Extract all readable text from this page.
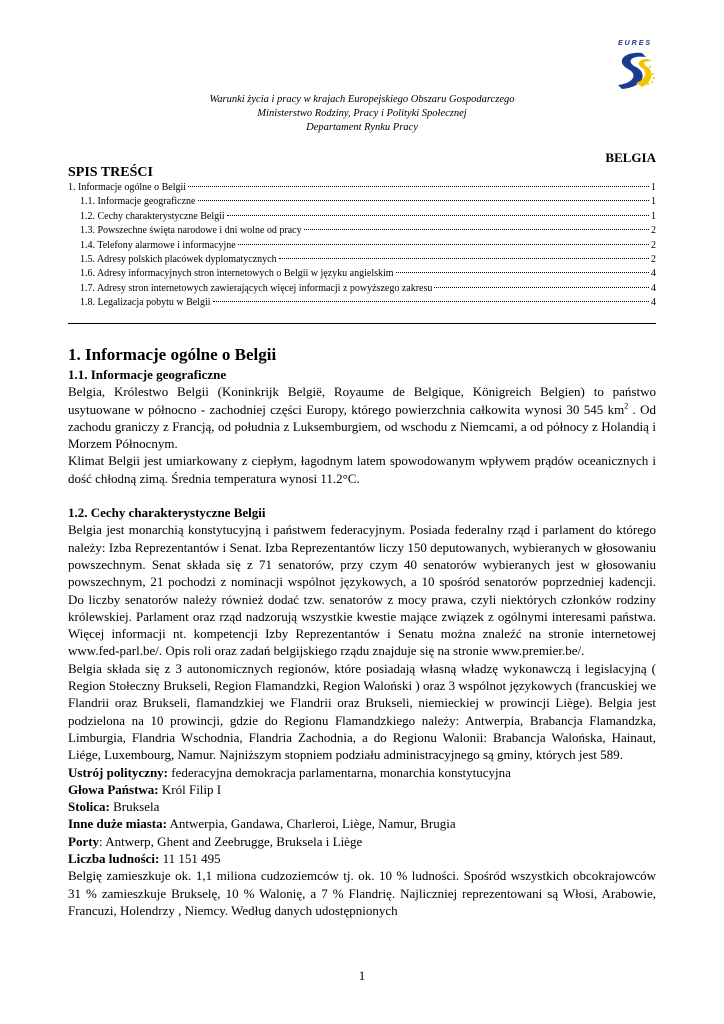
EURES
Warunki życia i pracy w krajach Europejskiego Obszaru Gospodarczego
Ministerstwo Rodziny, Pracy i Polityki Społecznej
Departament Rynku Pracy
BELGIA
SPIS TREŚCI
1. Informacje ogólne o Belgii	1
1.1. Informacje geograficzne	1
1.2. Cechy charakterystyczne Belgii	1
1.3. Powszechne święta narodowe i dni wolne od pracy	2
1.4. Telefony alarmowe i informacyjne	2
1.5. Adresy polskich placówek dyplomatycznych	2
1.6. Adresy informacyjnych stron internetowych o Belgii w języku angielskim	4
1.7. Adresy stron internetowych zawierających więcej informacji z powyższego zakresu	4
1.8. Legalizacja pobytu w Belgii	4
1. Informacje ogólne o Belgii
1.1. Informacje geograficzne

Belgia, Królestwo Belgii (Koninkrijk België, Royaume de Belgique, Königreich Belgien) to państwo usytuowane w północno - zachodniej części Europy, którego powierzchnia całkowita wynosi 30 545 $km^2$ . Od zachodu graniczy z Francją, od południa z Luksemburgiem, od wschodu z Niemcami, a od północy z Holandią i Morzem Północnym.

Klimat Belgii jest umiarkowany z ciepłym, łagodnym latem spowodowanym wpływem prądów oceanicznych i dość chłodną zimą. Średnia temperatura wynosi 11.2°C.

1.2. Cechy charakterystyczne Belgii

Belgia jest monarchią konstytucyjną i państwem federacyjnym. Posiada federalny rząd i parlament do którego należy: Izba Reprezentantów i Senat. Izba Reprezentantów liczy 150 deputowanych, wybieranych w głosowaniu powszechnym. Senat składa się z 71 senatorów, przy czym 40 senatorów wybieranych jest w głosowaniu powszechnym, 21 pochodzi z nominacji wspólnot językowych, a 10 spośród senatorów poprzedniej kadencji. Do liczby senatorów należy również dodać tzw. senatorów z mocy prawa, czyli niektórych członków rodziny królewskiej. Parlament oraz rząd nadzorują wszystkie kwestie mające związek z ogólnymi interesami państwa. Więcej informacji nt. kompetencji Izby Reprezentantów i Senatu można znaleźć na stronie internetowej www.fed-parl.be/. Opis roli oraz zadań belgijskiego rządu znajduje się na stronie www.premier.be/.

Belgia składa się z 3 autonomicznych regionów, które posiadają własną władzę wykonawczą i legislacyjną ( Region Stołeczny Brukseli, Region Flamandzki, Region Waloński ) oraz 3 wspólnot językowych (francuskiej we Flandrii oraz Brukseli, flamandzkiej we Flandrii oraz Brukseli, niemieckiej w prowincji Liège). Belgia jest podzielona na 10 prowincji, gdzie do Regionu Flamandzkiego należy: Antwerpia, Brabancja Flamandzka, Limburgia, Flandria Wschodnia, Flandria Zachodnia, a do Regionu Walonii: Brabancja Walońska, Hainaut, Liége, Luxembourg, Namur. Najniższym stopniem podziału administracyjnego są gminy, których jest 589.

Ustrój polityczny: federacyjna demokracja parlamentarna, monarchia konstytucyjna
Głowa Państwa: Król Filip I
Stolica: Bruksela
Inne duże miasta: Antwerpia, Gandawa, Charleroi, Liège, Namur, Brugia
Porty: Antwerp, Ghent and Zeebrugge, Bruksela i Liège
Liczba ludności: 11 151 495

Belgię zamieszkuje ok. 1,1 miliona cudzoziemców tj. ok. 10 % ludności. Spośród wszystkich obcokrajowców 31 % zamieszkuje Brukselę, 10 % Walonię, a 7 % Flandrię. Najliczniej reprezentowani są Włosi, Arabowie, Francuzi, Holendrzy , Niemcy. Według danych udostępnionych

1
